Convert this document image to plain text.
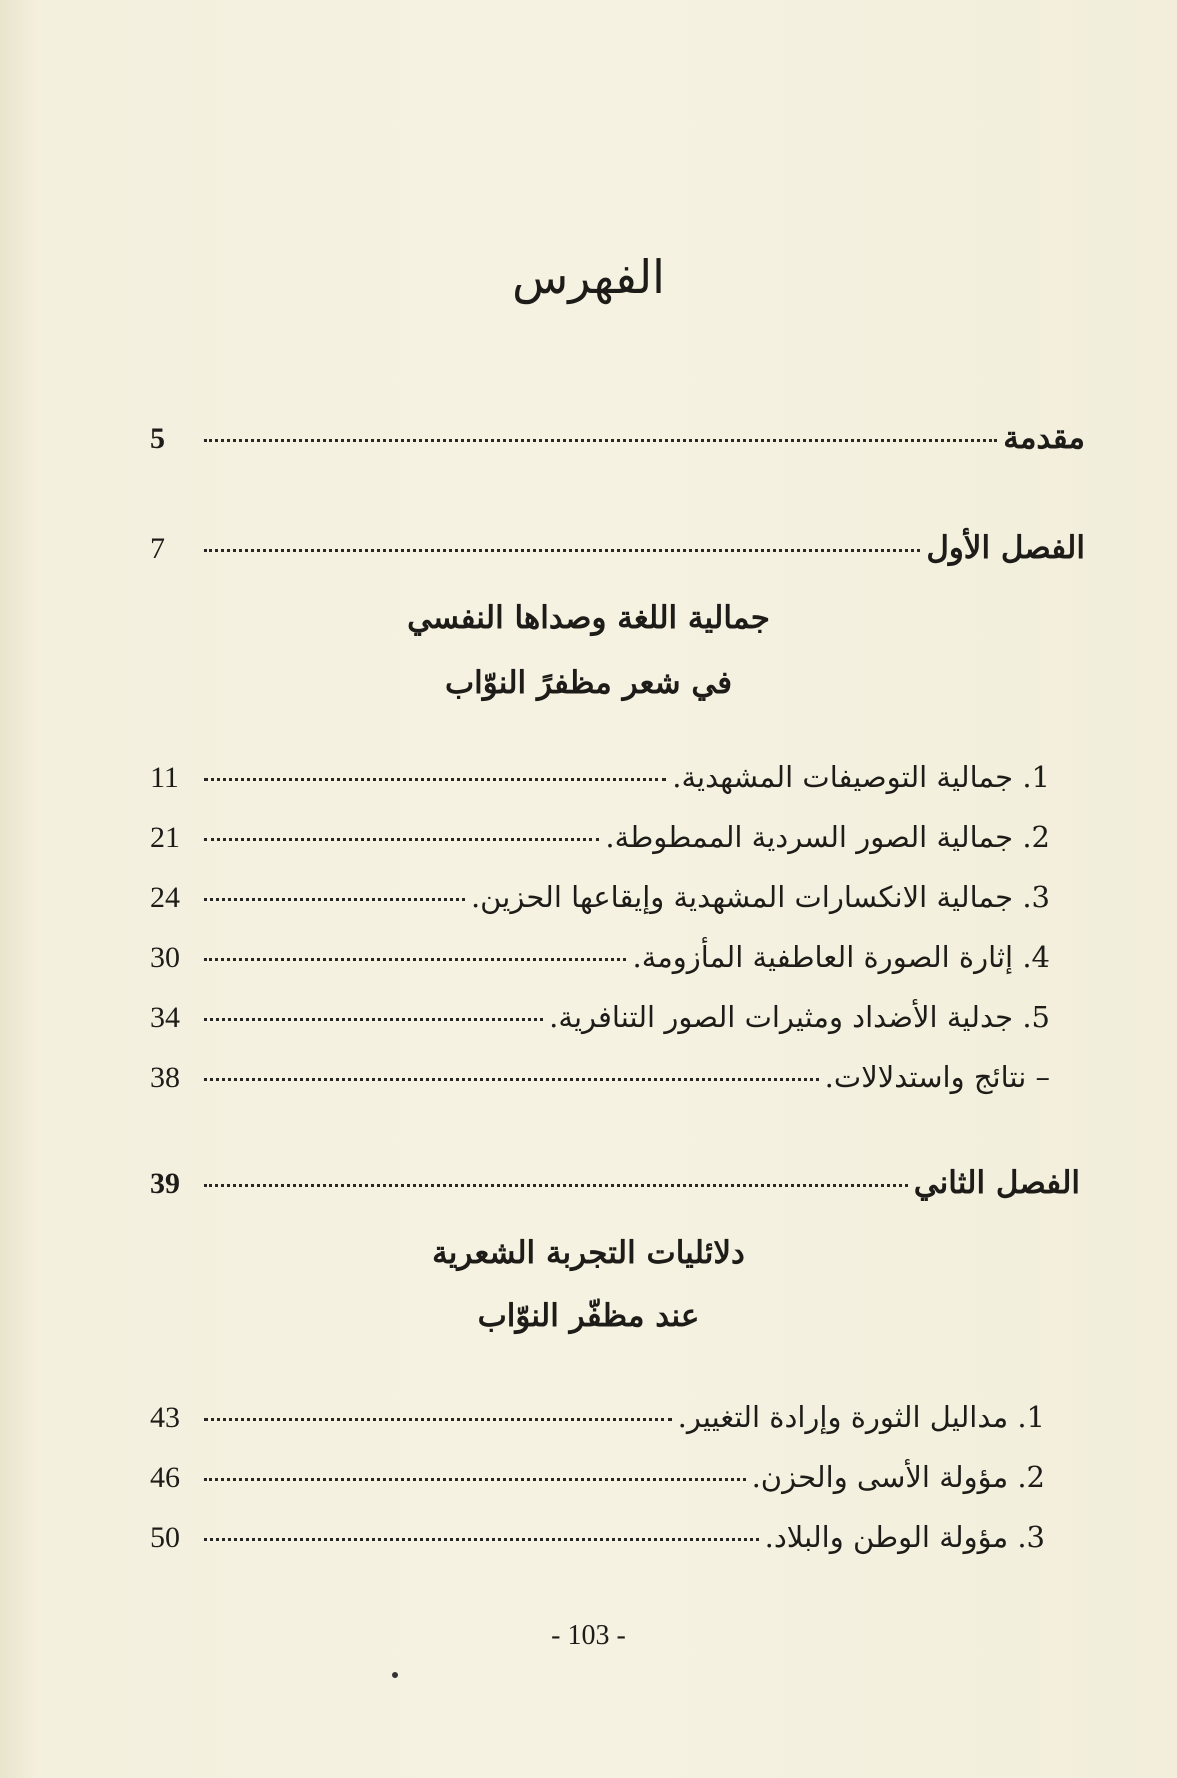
الفهرس
مقدمة
5
الفصل الأول
7
جمالية اللغة وصداها النفسي
في شعر مظفرً النوّاب
1. جمالية التوصيفات المشهدية.
11
2. جمالية الصور السردية الممطوطة.
21
3. جمالية الانكسارات المشهدية وإيقاعها الحزين.
24
4. إثارة الصورة العاطفية المأزومة.
30
5. جدلية الأضداد ومثيرات الصور التنافرية.
34
– نتائج واستدلالات.
38
الفصل الثاني
39
دلائليات التجربة الشعرية
عند مظفّر النوّاب
1. مداليل الثورة وإرادة التغيير.
43
2. مؤولة الأسى والحزن.
46
3. مؤولة الوطن والبلاد.
50
- 103 -
